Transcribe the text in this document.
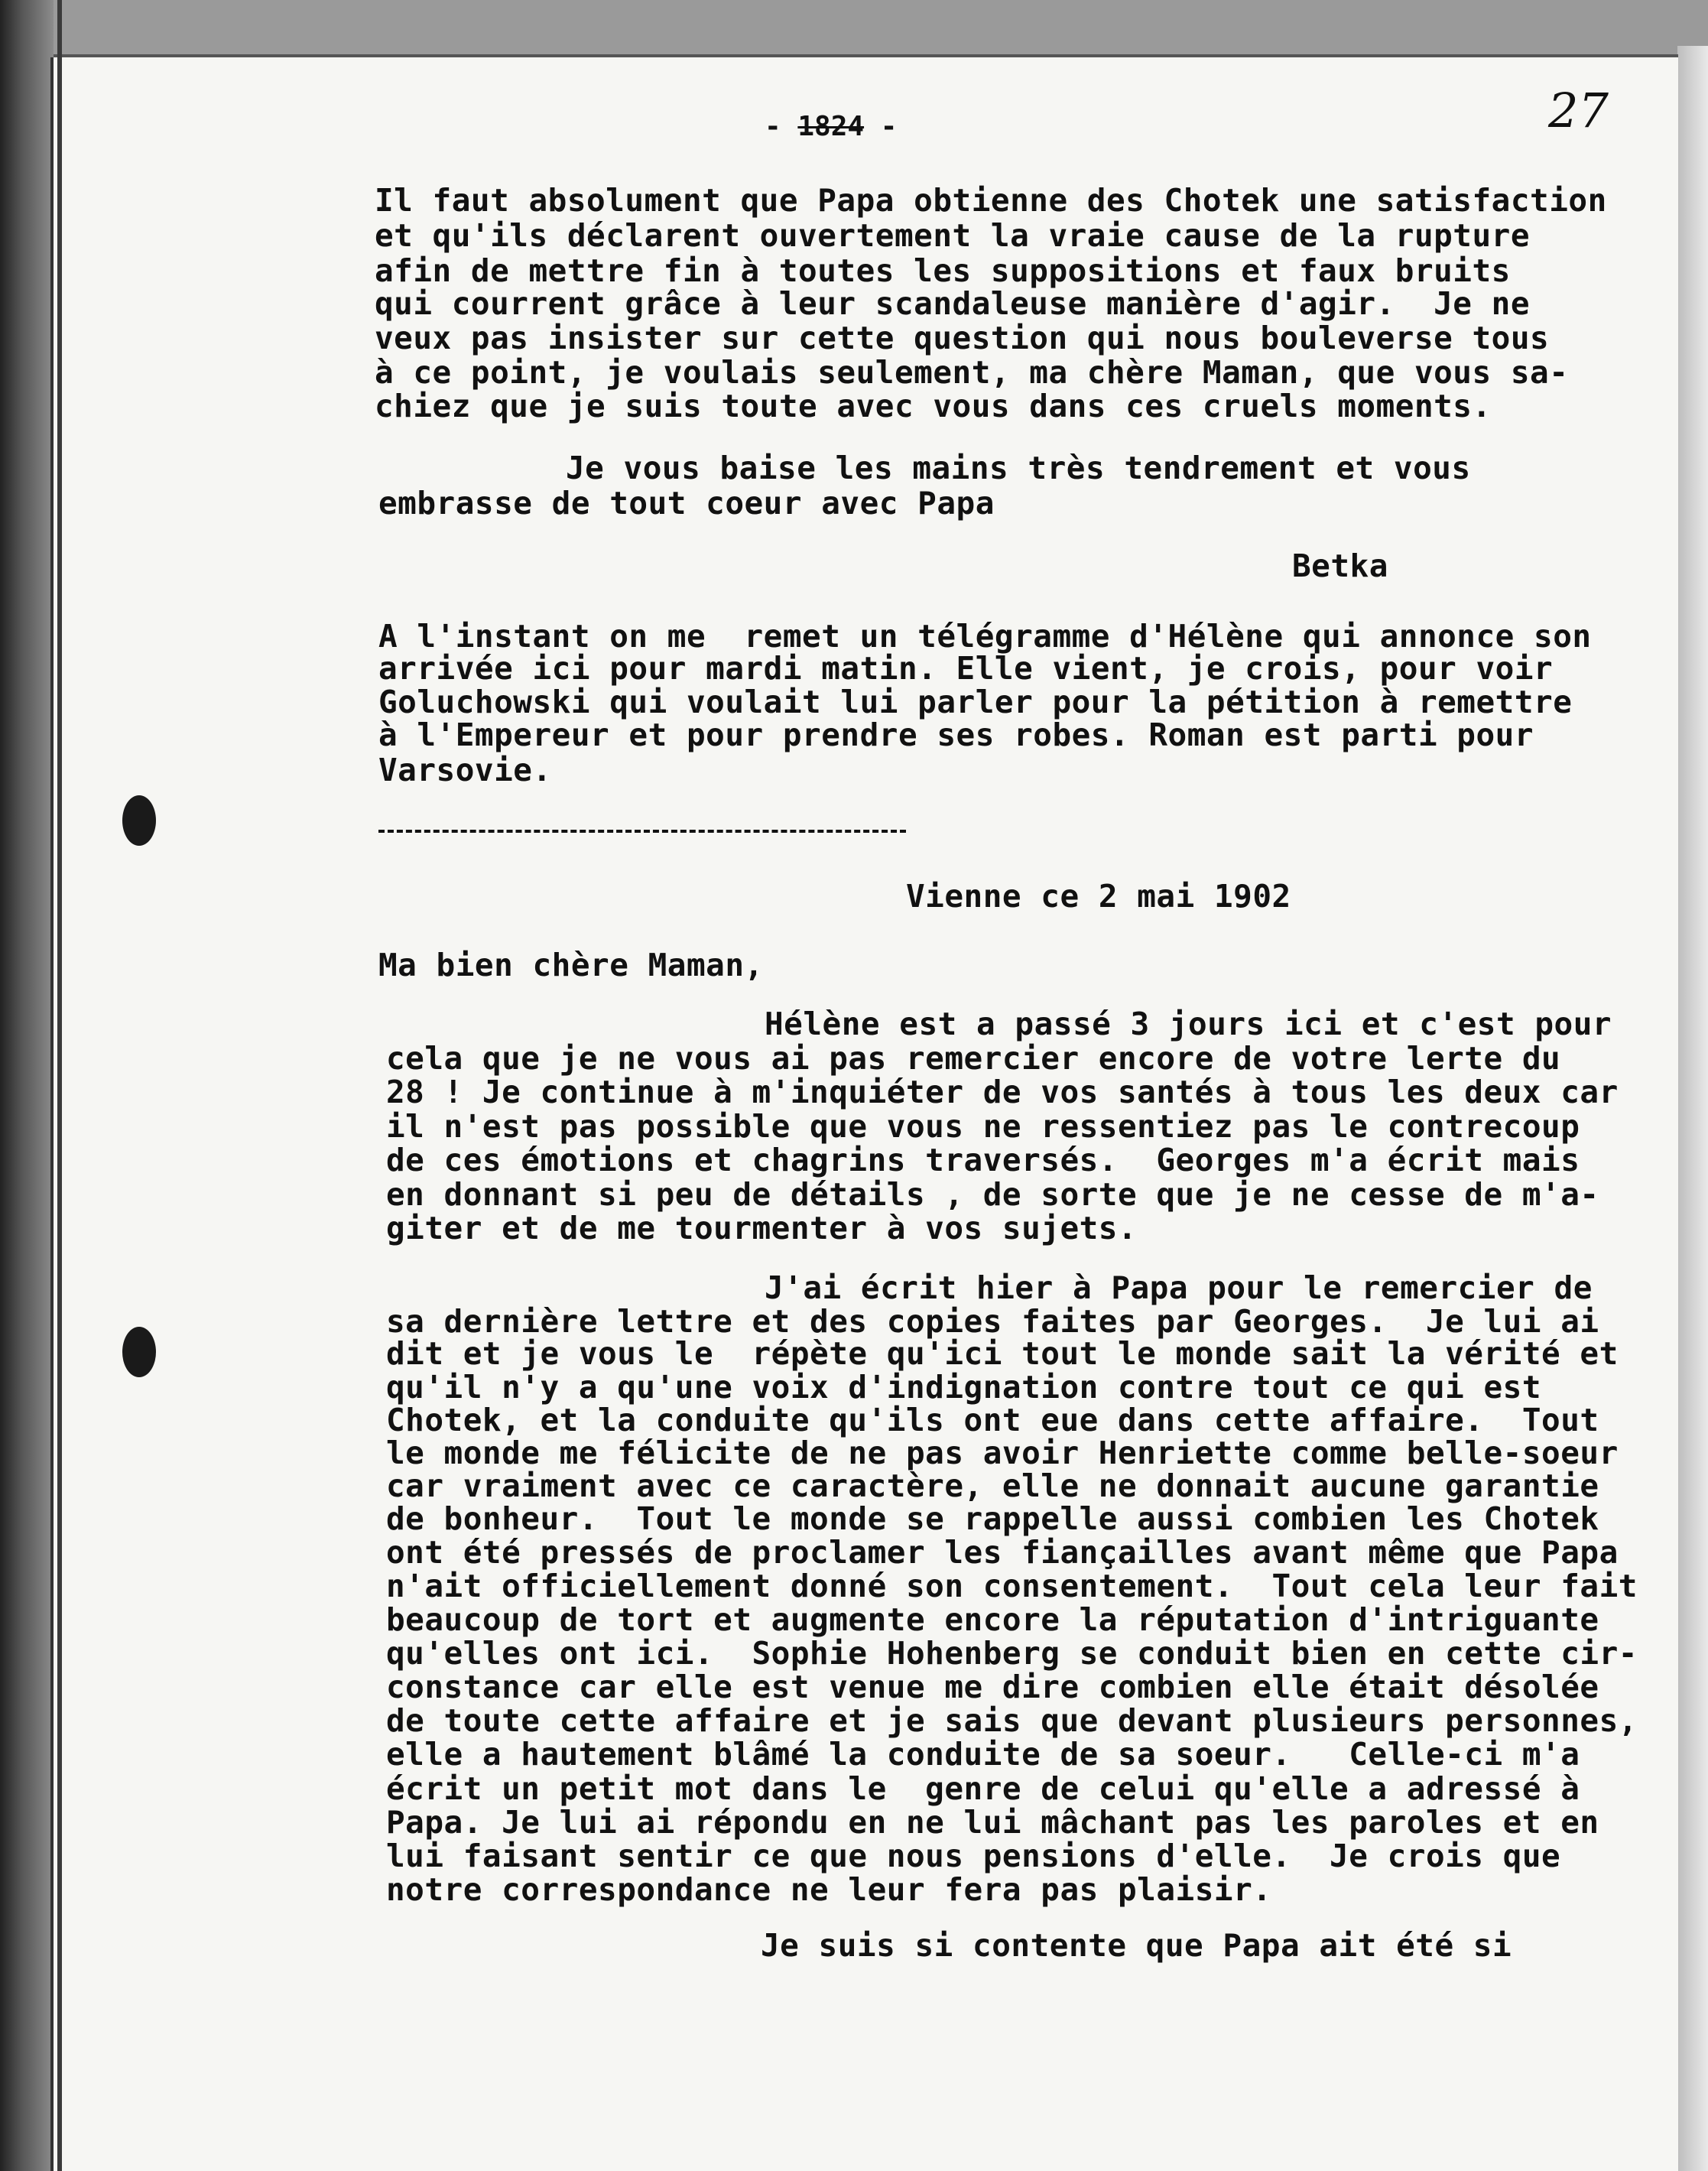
27
- 1824 -
Il faut absolument que Papa obtienne des Chotek une satisfaction
et qu'ils déclarent ouvertement la vraie cause de la rupture
afin de mettre fin à toutes les suppositions et faux bruits
qui courrent grâce à leur scandaleuse manière d'agir.  Je ne
veux pas insister sur cette question qui nous bouleverse tous
à ce point, je voulais seulement, ma chère Maman, que vous sa-
chiez que je suis toute avec vous dans ces cruels moments.
Je vous baise les mains très tendrement et vous
embrasse de tout coeur avec Papa
Betka
A l'instant on me  remet un télégramme d'Hélène qui annonce son
arrivée ici pour mardi matin. Elle vient, je crois, pour voir
Goluchowski qui voulait lui parler pour la pétition à remettre
à l'Empereur et pour prendre ses robes. Roman est parti pour
Varsovie.
Vienne ce 2 mai 1902
Ma bien chère Maman,
Hélène est a passé 3 jours ici et c'est pour
cela que je ne vous ai pas remercier encore de votre lerte du
28 ! Je continue à m'inquiéter de vos santés à tous les deux car
il n'est pas possible que vous ne ressentiez pas le contrecoup
de ces émotions et chagrins traversés.  Georges m'a écrit mais
en donnant si peu de détails , de sorte que je ne cesse de m'a-
giter et de me tourmenter à vos sujets.
J'ai écrit hier à Papa pour le remercier de
sa dernière lettre et des copies faites par Georges.  Je lui ai
dit et je vous le  répète qu'ici tout le monde sait la vérité et
qu'il n'y a qu'une voix d'indignation contre tout ce qui est
Chotek, et la conduite qu'ils ont eue dans cette affaire.  Tout
le monde me félicite de ne pas avoir Henriette comme belle-soeur
car vraiment avec ce caractère, elle ne donnait aucune garantie
de bonheur.  Tout le monde se rappelle aussi combien les Chotek
ont été pressés de proclamer les fiançailles avant même que Papa
n'ait officiellement donné son consentement.  Tout cela leur fait
beaucoup de tort et augmente encore la réputation d'intriguante
qu'elles ont ici.  Sophie Hohenberg se conduit bien en cette cir-
constance car elle est venue me dire combien elle était désolée
de toute cette affaire et je sais que devant plusieurs personnes,
elle a hautement blâmé la conduite de sa soeur.   Celle-ci m'a
écrit un petit mot dans le  genre de celui qu'elle a adressé à
Papa. Je lui ai répondu en ne lui mâchant pas les paroles et en
lui faisant sentir ce que nous pensions d'elle.  Je crois que
notre correspondance ne leur fera pas plaisir.
Je suis si contente que Papa ait été si
